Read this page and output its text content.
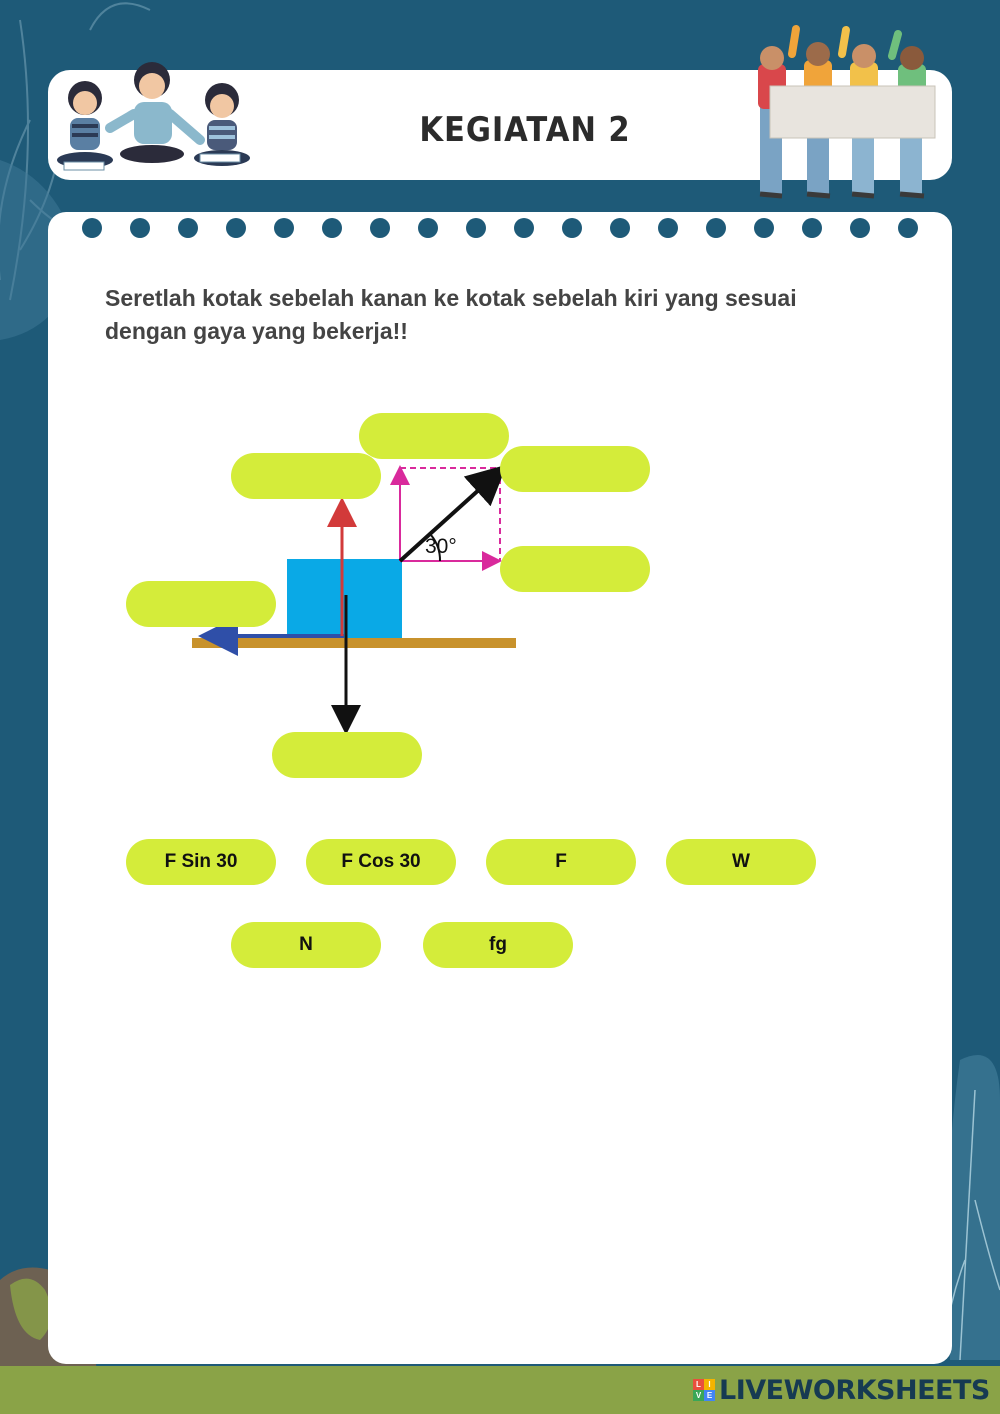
KEGIATAN 2
Seretlah kotak sebelah kanan ke kotak sebelah kiri yang sesuai dengan gaya yang bekerja!!
30°
F Sin 30	F Cos 30	F	W
N	fg
L I
V E LIVEWORKSHEETS
